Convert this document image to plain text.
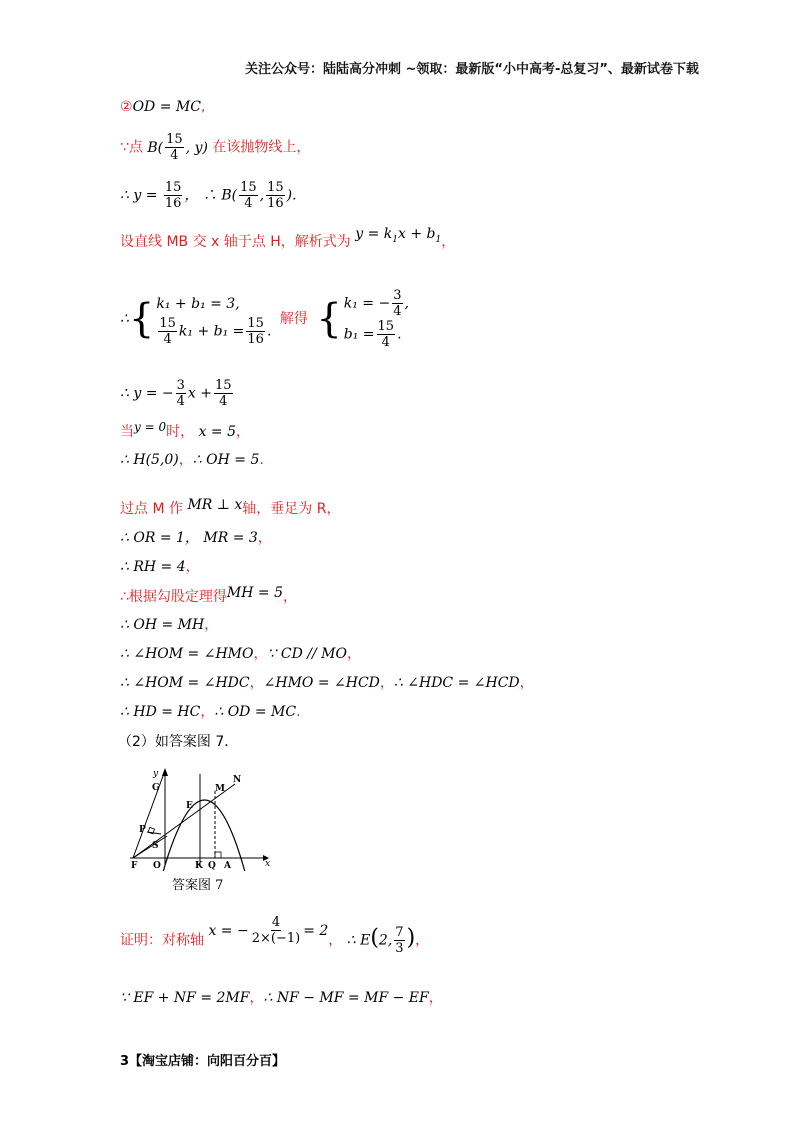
关注公众号：陆陆高分冲刺 ~领取：最新版“小中高考-总复习”、最新试卷下载
②OD = MC,
∵点 $B( \frac{15}{4}$ , y) 在该抛物线上，
∴ $y = \frac{15}{16}$ ， ∴ $B( \frac{15}{4}$ , $\frac{15}{16}$ ).
设直线 MB 交 x 轴于点 H，解析式为 $y = k_1x + b_1$，
∴{ k₁ + b₁ = 3,
$\frac{15}{4} k_1 + b_1 = \frac{15}{16}$ .
解得 { k₁ = − $\frac{3}{4}$ ,
$b_1 = \frac{15}{4}$ .
∴ y = − $\frac{3}{4}$ $x + \frac{15}{4}$
当y = 0时， x = 5，
∴ H(5,0)，∴ OH = 5.
过点 M 作 MR ⊥ x轴，垂足为 R，
∴ OR = 1， MR = 3，
∴ RH = 4，
∴根据勾股定理得MH = 5，
∴ OH = MH，
∴ ∠HOM = ∠HMO，∵ CD // MO，
∴ ∠HOM = ∠HDC，∠HMO = ∠HCD，∴ ∠HDC = ∠HCD，
∴ HD = HC，∴ OD = MC.
（2）如答案图 7.
y
G
E
M
N
P
S
F O	K Q A	x
答案图 7
证明：对称轴 x = − $\frac{4}{2\times(-1)} = 2$， ∴ E(2, $\frac{7}{3}$ )，
∵ EF + NF = 2MF，∴ NF − MF = MF − EF，
3【淘宝店铺：向阳百分百】
